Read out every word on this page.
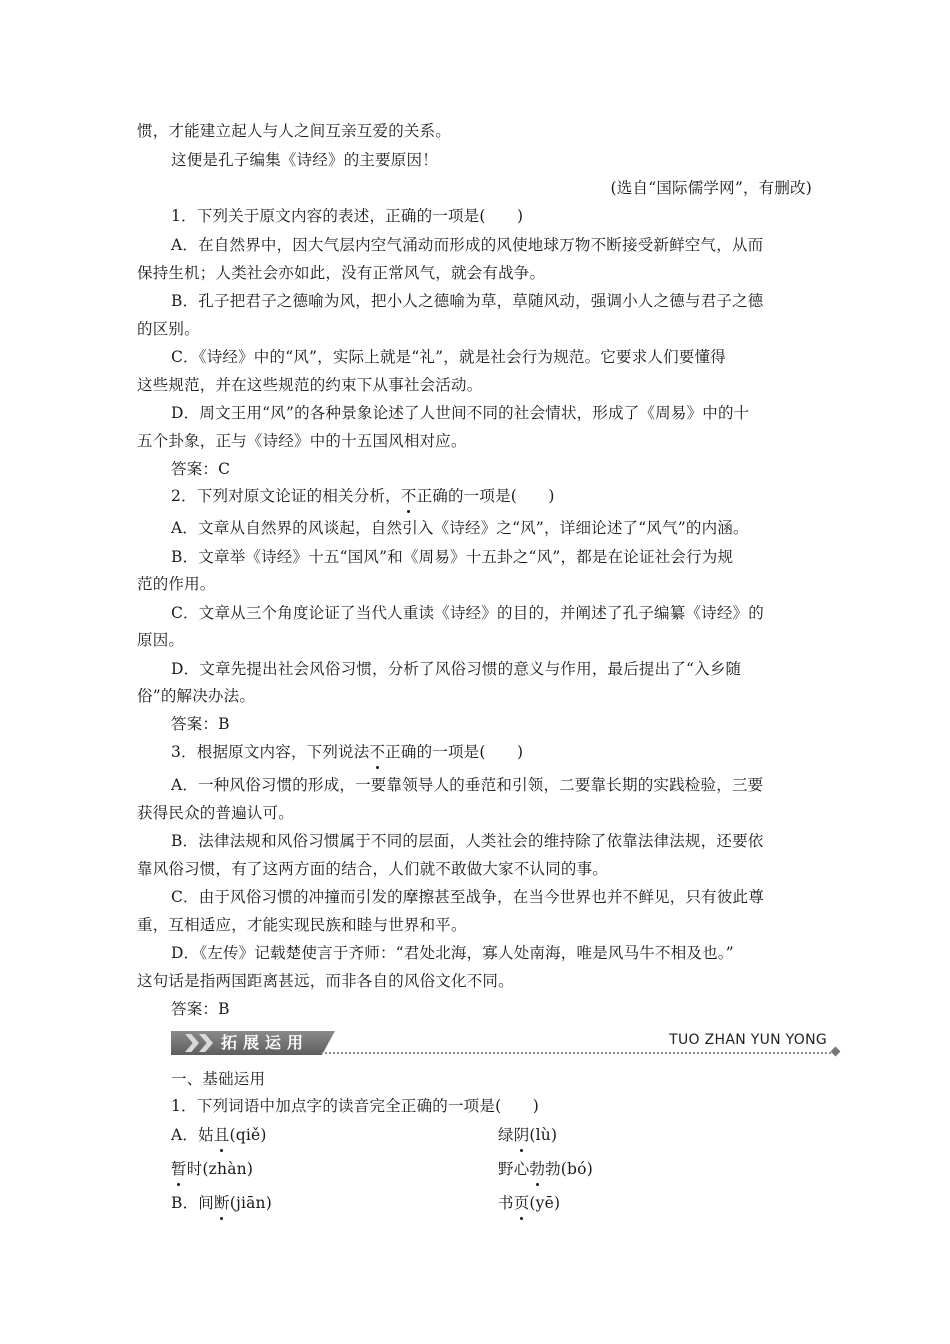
惯，才能建立起人与人之间互亲互爱的关系。
这便是孔子编集《诗经》的主要原因！
(选自“国际儒学网”，有删改)
1．下列关于原文内容的表述，正确的一项是(　　)
A．在自然界中，因大气层内空气涌动而形成的风使地球万物不断接受新鲜空气，从而
保持生机；人类社会亦如此，没有正常风气，就会有战争。
B．孔子把君子之德喻为风，把小人之德喻为草，草随风动，强调小人之德与君子之德
的区别。
C．《诗经》中的“风”，实际上就是“礼”，就是社会行为规范。它要求人们要懂得
这些规范，并在这些规范的约束下从事社会活动。
D．周文王用“风”的各种景象论述了人世间不同的社会情状，形成了《周易》中的十
五个卦象，正与《诗经》中的十五国风相对应。
答案：C
2．下列对原文论证的相关分析，不正确的一项是(　　)
A．文章从自然界的风谈起，自然引入《诗经》之“风”，详细论述了“风气”的内涵。
B．文章举《诗经》十五“国风”和《周易》十五卦之“风”，都是在论证社会行为规
范的作用。
C．文章从三个角度论证了当代人重读《诗经》的目的，并阐述了孔子编纂《诗经》的
原因。
D．文章先提出社会风俗习惯，分析了风俗习惯的意义与作用，最后提出了“入乡随
俗”的解决办法。
答案：B
3．根据原文内容，下列说法不正确的一项是(　　)
A．一种风俗习惯的形成，一要靠领导人的垂范和引领，二要靠长期的实践检验，三要
获得民众的普遍认可。
B．法律法规和风俗习惯属于不同的层面，人类社会的维持除了依靠法律法规，还要依
靠风俗习惯，有了这两方面的结合，人们就不敢做大家不认同的事。
C．由于风俗习惯的冲撞而引发的摩擦甚至战争，在当今世界也并不鲜见，只有彼此尊
重，互相适应，才能实现民族和睦与世界和平。
D．《左传》记载楚使言于齐师：“君处北海，寡人处南海，唯是风马牛不相及也。”
这句话是指两国距离甚远，而非各自的风俗文化不同。
答案：B
拓展运用	TUO ZHAN YUN YONG
一、基础运用
1．下列词语中加点字的读音完全正确的一项是(　　)
A．姑且(qiě)	绿阴(lù)
暂时(zhàn)	野心勃勃(bó)
B．间断(jiān)	书页(yē)
